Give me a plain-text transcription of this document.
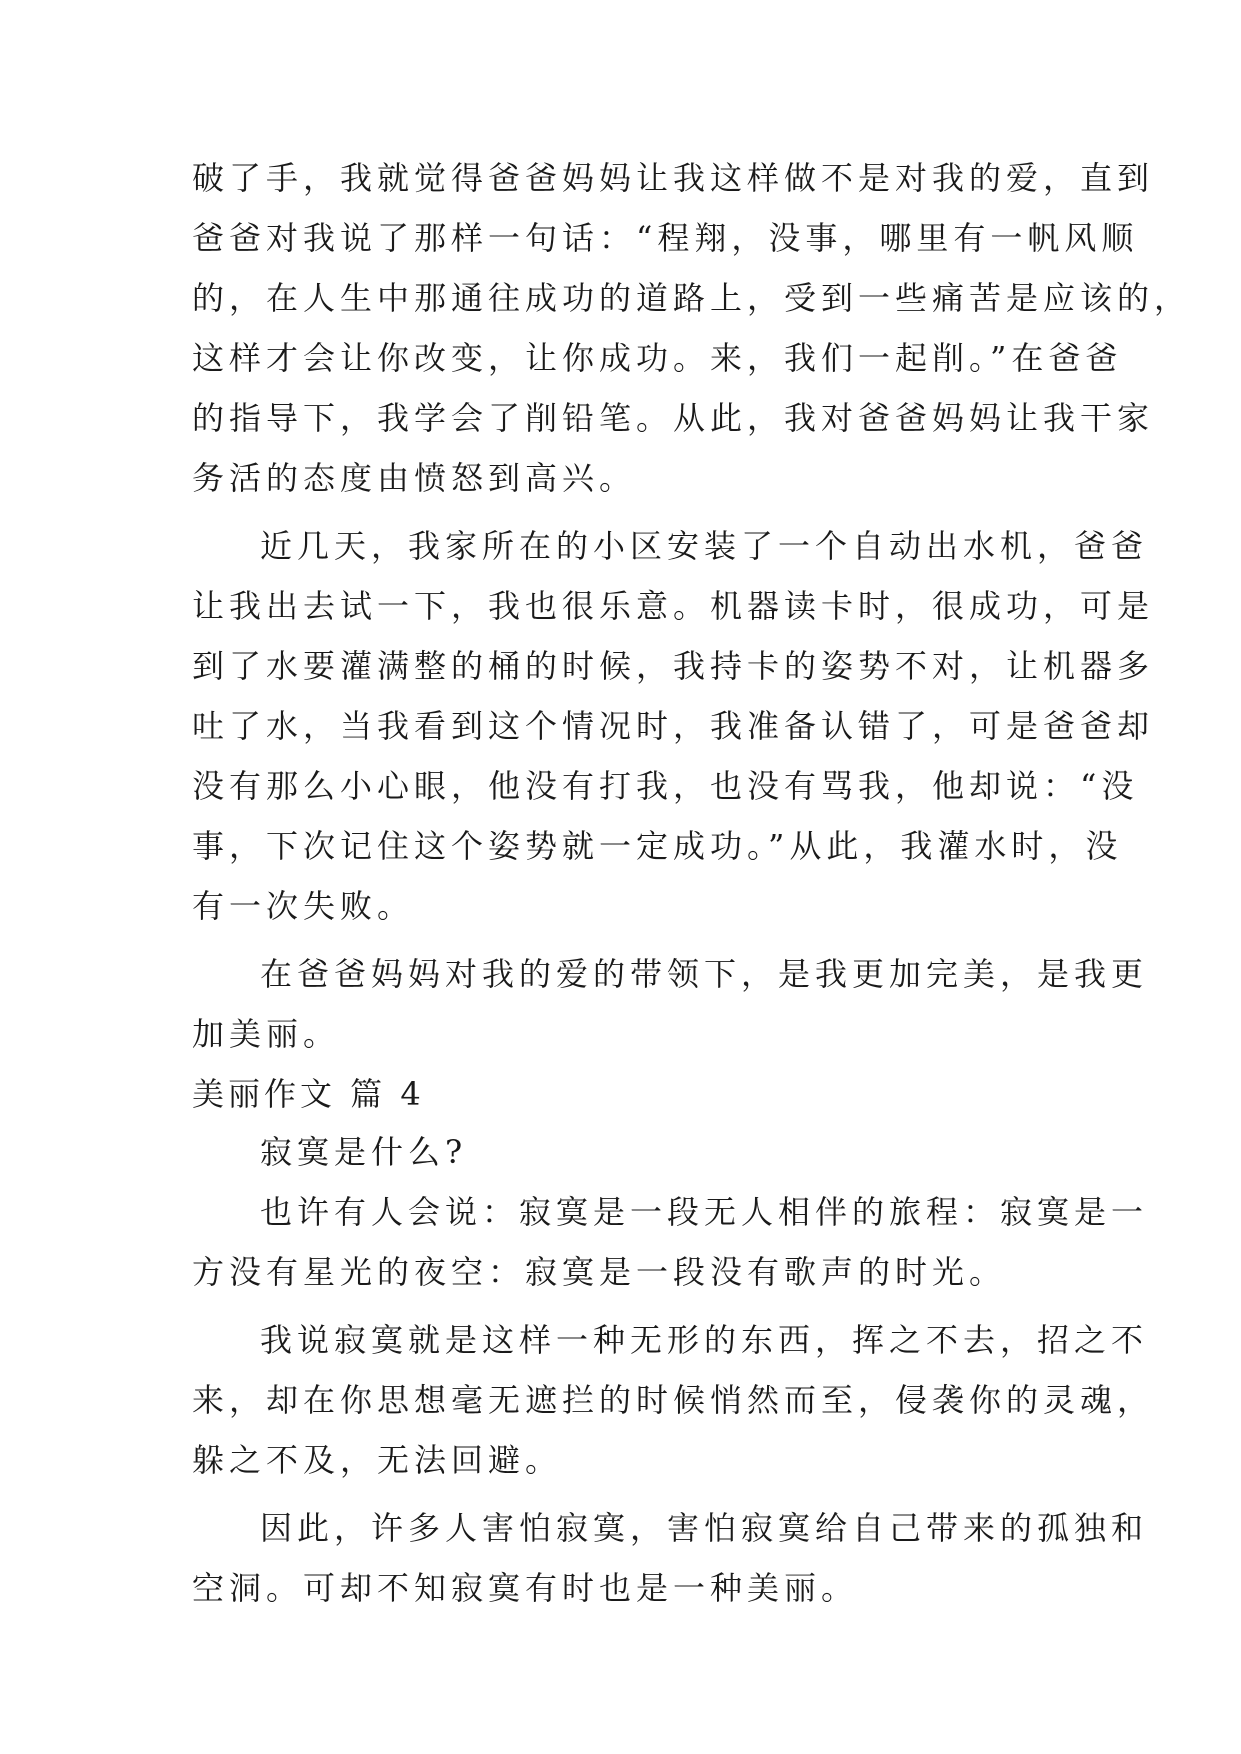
破了手，我就觉得爸爸妈妈让我这样做不是对我的爱，直到
爸爸对我说了那样一句话：“程翔，没事，哪里有一帆风顺
的，在人生中那通往成功的道路上，受到一些痛苦是应该的，
这样才会让你改变，让你成功。来，我们一起削。”在爸爸
的指导下，我学会了削铅笔。从此，我对爸爸妈妈让我干家
务活的态度由愤怒到高兴。
近几天，我家所在的小区安装了一个自动出水机，爸爸
让我出去试一下，我也很乐意。机器读卡时，很成功，可是
到了水要灌满整的桶的时候，我持卡的姿势不对，让机器多
吐了水，当我看到这个情况时，我准备认错了，可是爸爸却
没有那么小心眼，他没有打我，也没有骂我，他却说：“没
事，下次记住这个姿势就一定成功。”从此，我灌水时，没
有一次失败。
在爸爸妈妈对我的爱的带领下，是我更加完美，是我更
加美丽。
美丽作文 篇 4
寂寞是什么?
也许有人会说：寂寞是一段无人相伴的旅程：寂寞是一
方没有星光的夜空：寂寞是一段没有歌声的时光。
我说寂寞就是这样一种无形的东西，挥之不去，招之不
来，却在你思想毫无遮拦的时候悄然而至，侵袭你的灵魂，
躲之不及，无法回避。
因此，许多人害怕寂寞，害怕寂寞给自己带来的孤独和
空洞。可却不知寂寞有时也是一种美丽。
